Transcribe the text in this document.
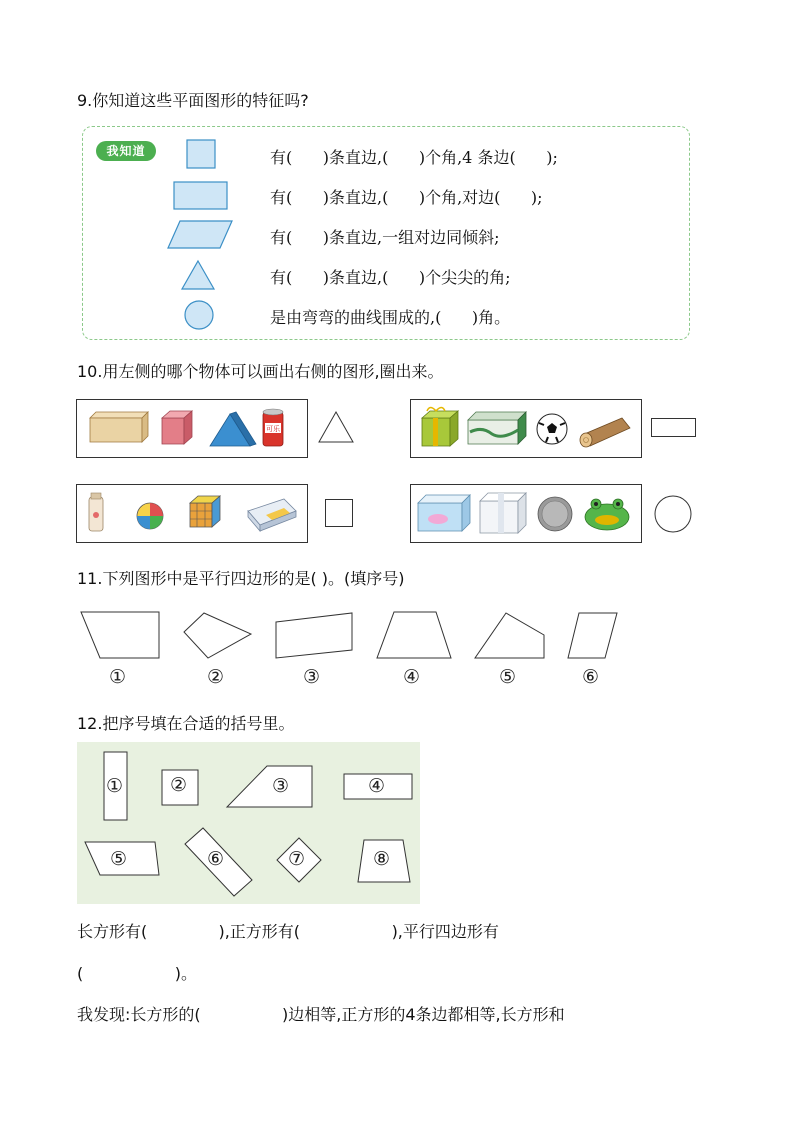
9.你知道这些平面图形的特征吗?
我知道	有(      )条直边,(      )个角,4 条边(      );
有(      )条直边,(      )个角,对边(      );
有(      )条直边,一组对边同倾斜;
有(      )条直边,(      )个尖尖的角;
是由弯弯的曲线围成的,(      )角。
10.用左侧的哪个物体可以画出右侧的图形,圈出来。
可乐
11.下列图形中是平行四边形的是( )。(填序号)
①	②	③	④	⑤	⑥
12.把序号填在合适的括号里。
① ②	③	④
⑤	⑥	⑦	⑧
长方形有(              ),正方形有(                  ),平行四边形有
(                  )。
我发现:长方形的(                )边相等,正方形的4条边都相等,长方形和
